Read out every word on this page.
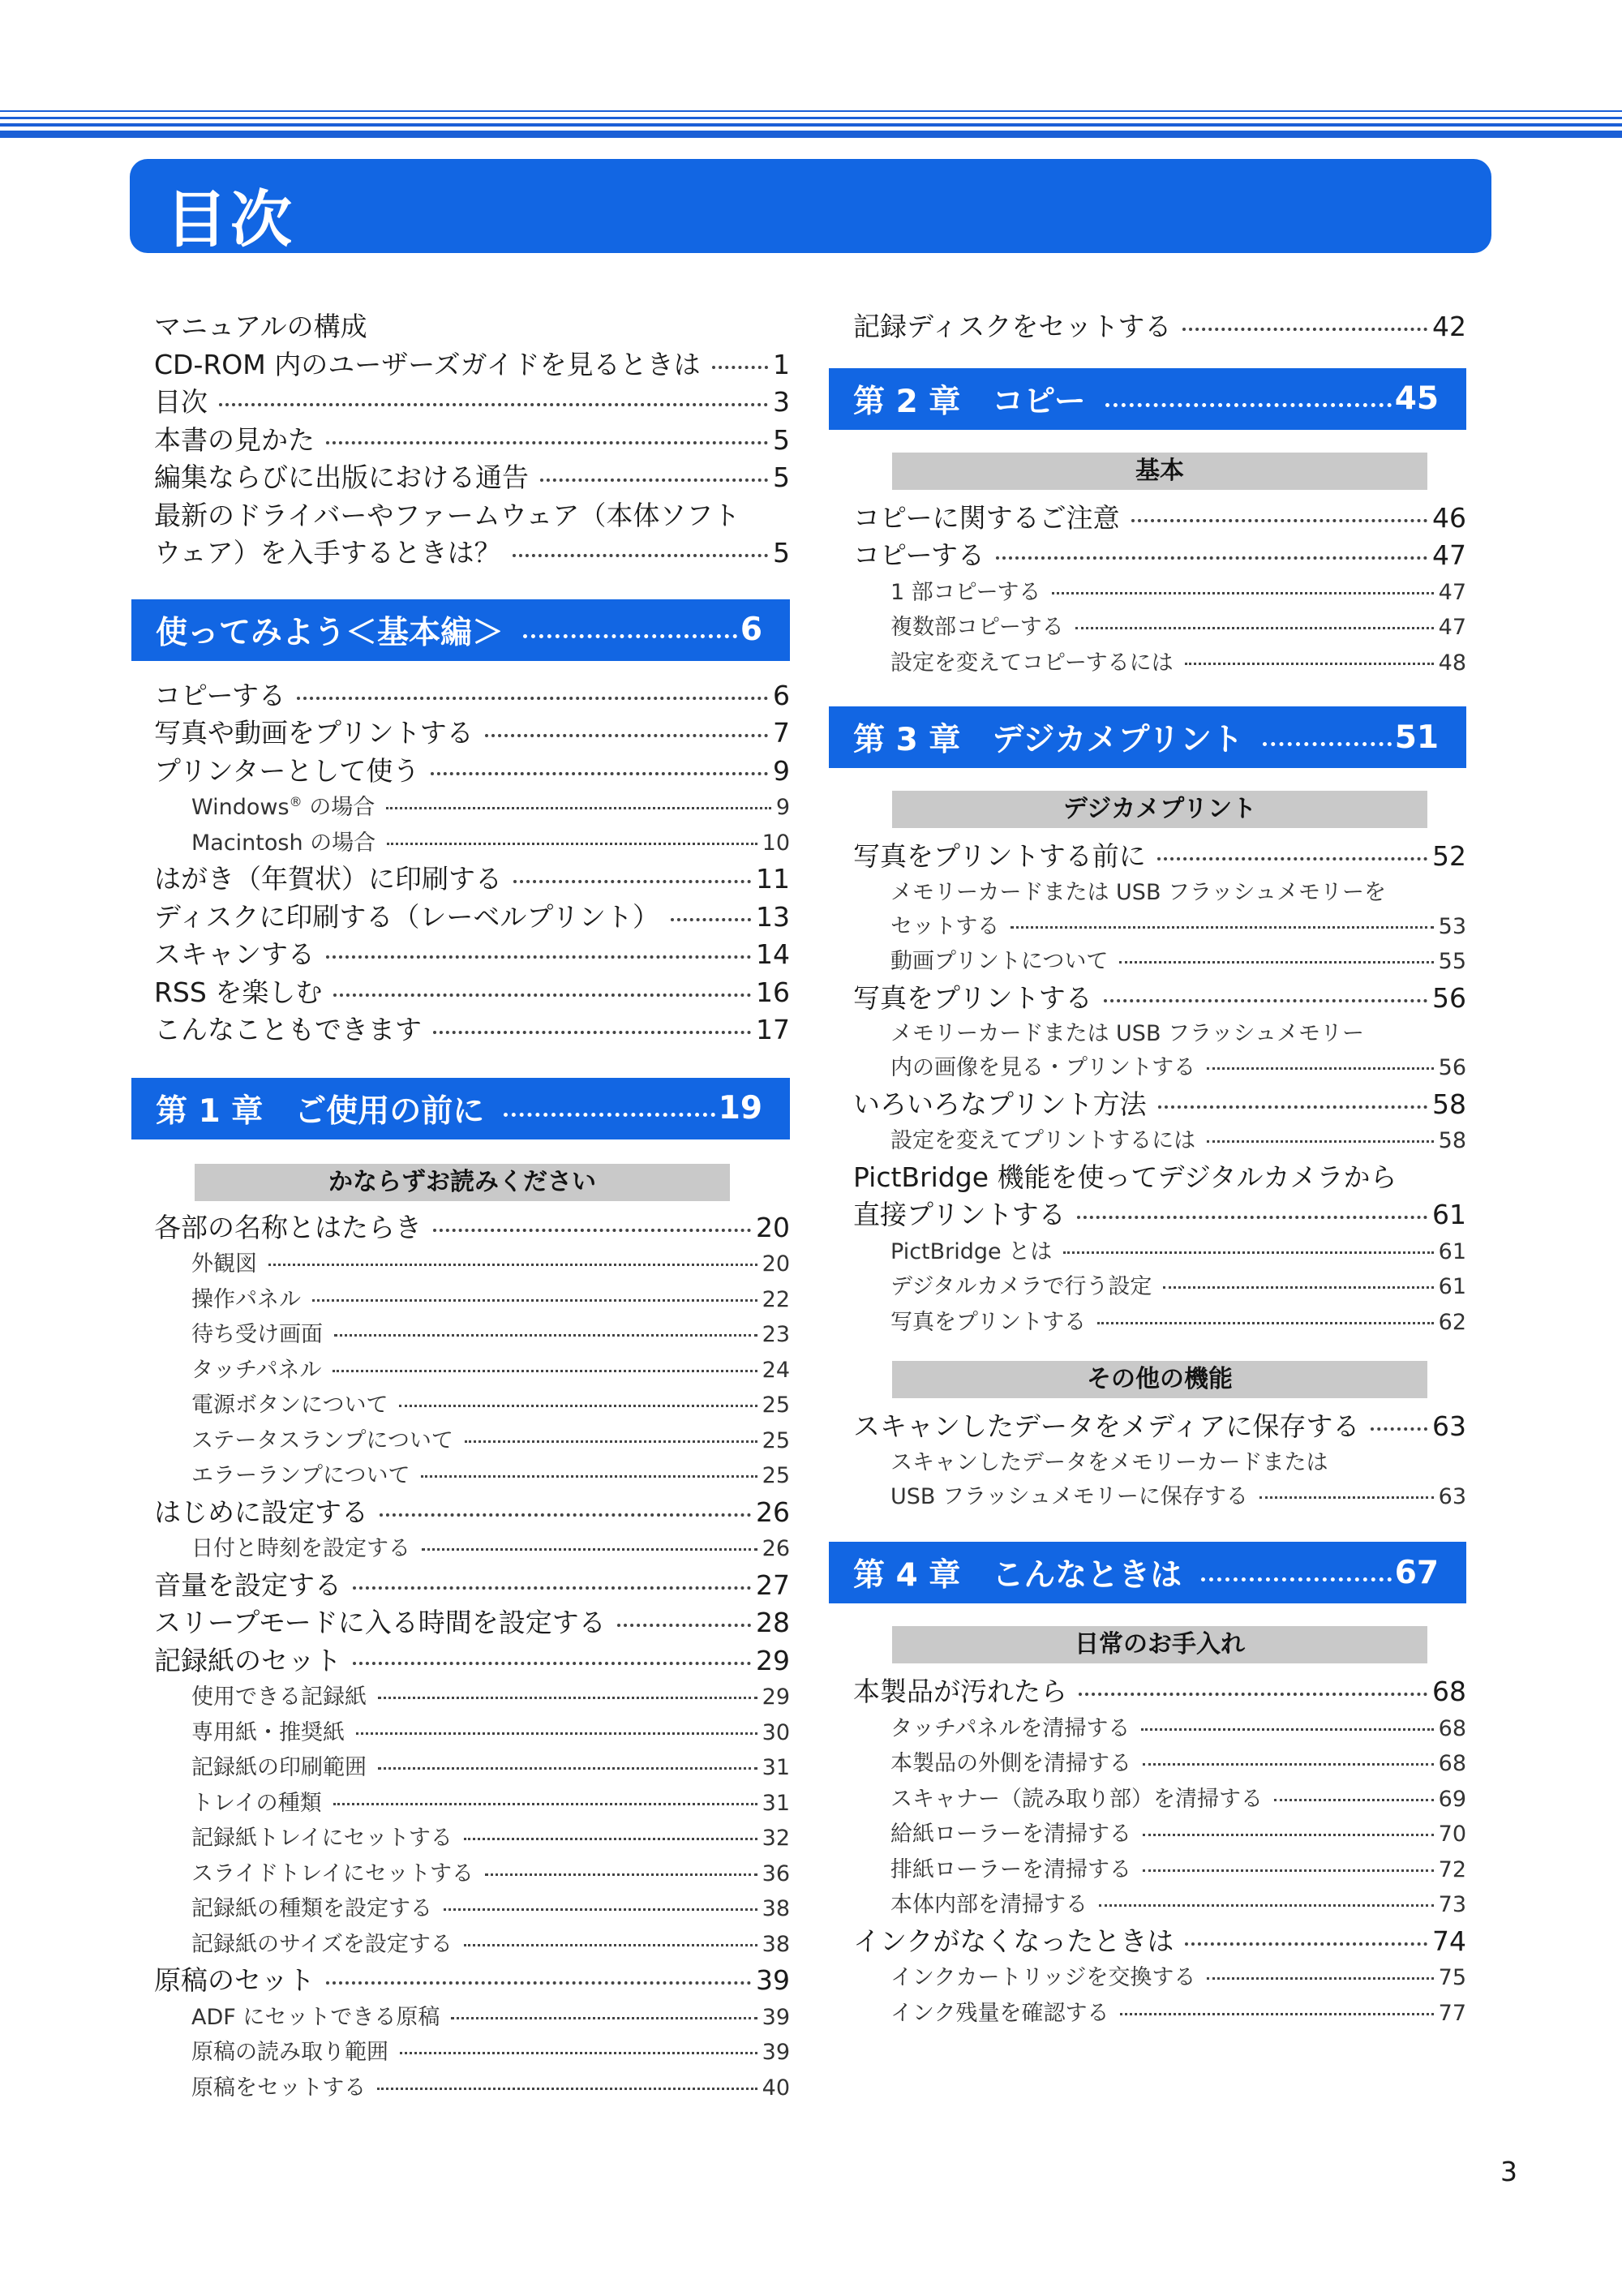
目次
マニュアルの構成
CD-ROM 内のユーザーズガイドを見るときは	1
目次	3
本書の見かた	5
編集ならびに出版における通告	5
最新のドライバーやファームウェア（本体ソフト
ウェア）を入手するときは？	5
使ってみよう＜基本編＞	6
コピーする	6
写真や動画をプリントする	7
プリンターとして使う	9
Windows® の場合	9
Macintosh の場合	10
はがき（年賀状）に印刷する	11
ディスクに印刷する（レーベルプリント）	13
スキャンする	14
RSS を楽しむ	16
こんなこともできます	17
第 1 章　ご使用の前に	19
かならずお読みください
各部の名称とはたらき	20
外観図	20
操作パネル	22
待ち受け画面	23
タッチパネル	24
電源ボタンについて	25
ステータスランプについて	25
エラーランプについて	25
はじめに設定する	26
日付と時刻を設定する	26
音量を設定する	27
スリープモードに入る時間を設定する	28
記録紙のセット	29
使用できる記録紙	29
専用紙・推奨紙	30
記録紙の印刷範囲	31
トレイの種類	31
記録紙トレイにセットする	32
スライドトレイにセットする	36
記録紙の種類を設定する	38
記録紙のサイズを設定する	38
原稿のセット	39
ADF にセットできる原稿	39
原稿の読み取り範囲	39
原稿をセットする	40
記録ディスクをセットする	42
第 2 章　コピー	45
基本
コピーに関するご注意	46
コピーする	47
1 部コピーする	47
複数部コピーする	47
設定を変えてコピーするには	48
第 3 章　デジカメプリント	51
デジカメプリント
写真をプリントする前に	52
メモリーカードまたは USB フラッシュメモリーを
セットする	53
動画プリントについて	55
写真をプリントする	56
メモリーカードまたは USB フラッシュメモリー
内の画像を見る・プリントする	56
いろいろなプリント方法	58
設定を変えてプリントするには	58
PictBridge 機能を使ってデジタルカメラから
直接プリントする	61
PictBridge とは	61
デジタルカメラで行う設定	61
写真をプリントする	62
その他の機能
スキャンしたデータをメディアに保存する	63
スキャンしたデータをメモリーカードまたは
USB フラッシュメモリーに保存する	63
第 4 章　こんなときは	67
日常のお手入れ
本製品が汚れたら	68
タッチパネルを清掃する	68
本製品の外側を清掃する	68
スキャナー（読み取り部）を清掃する	69
給紙ローラーを清掃する	70
排紙ローラーを清掃する	72
本体内部を清掃する	73
インクがなくなったときは	74
インクカートリッジを交換する	75
インク残量を確認する	77
3
